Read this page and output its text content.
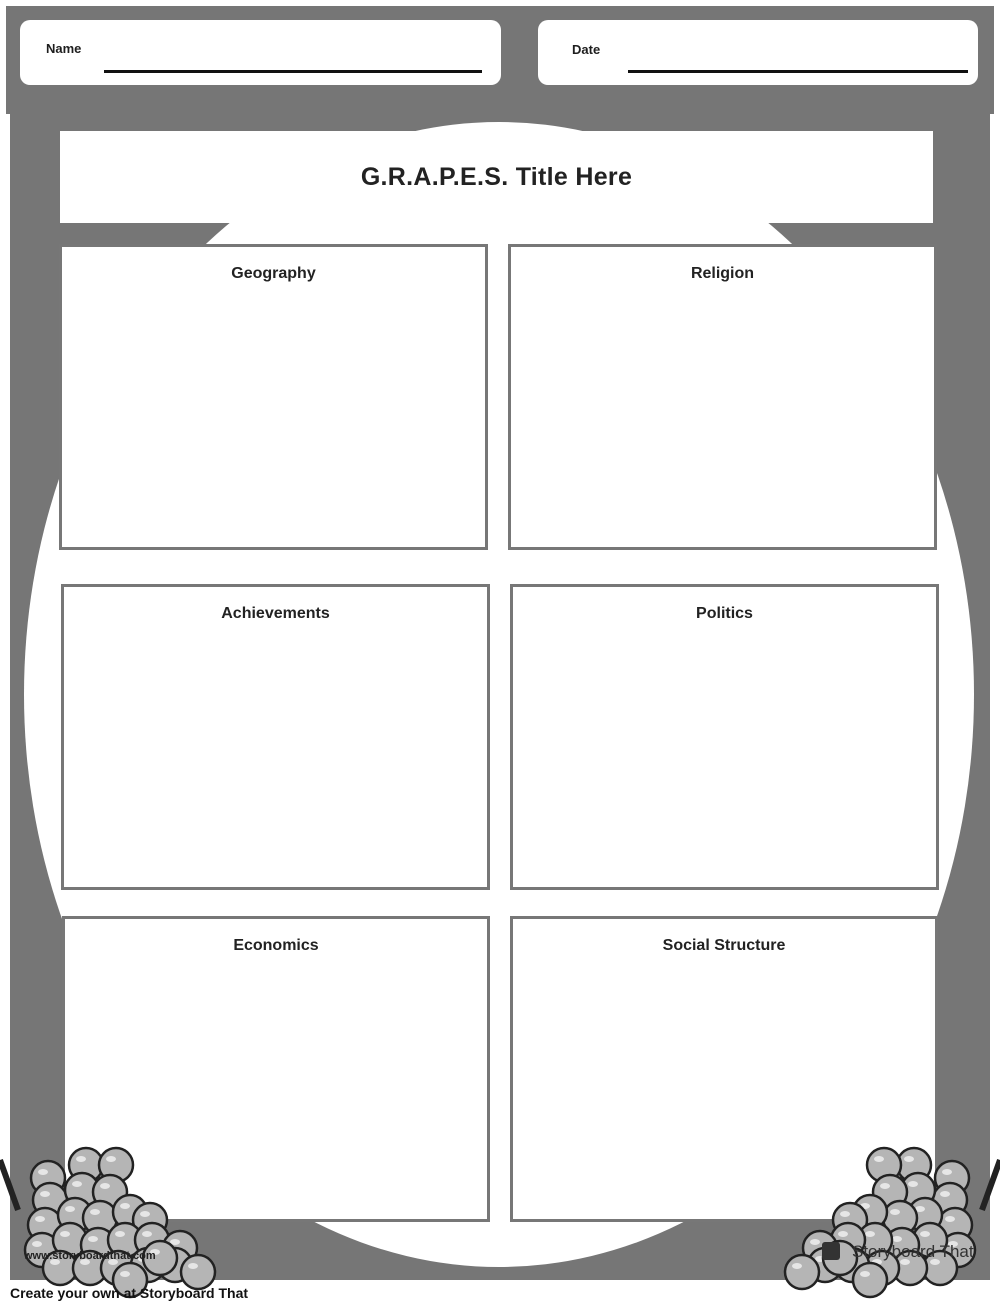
Name	Date
G.R.A.P.E.S. Title Here
Geography	Religion
Achievements	Politics
Economics	Social Structure
www.storyboardthat.com	Storyboard That
Create your own at Storyboard That
